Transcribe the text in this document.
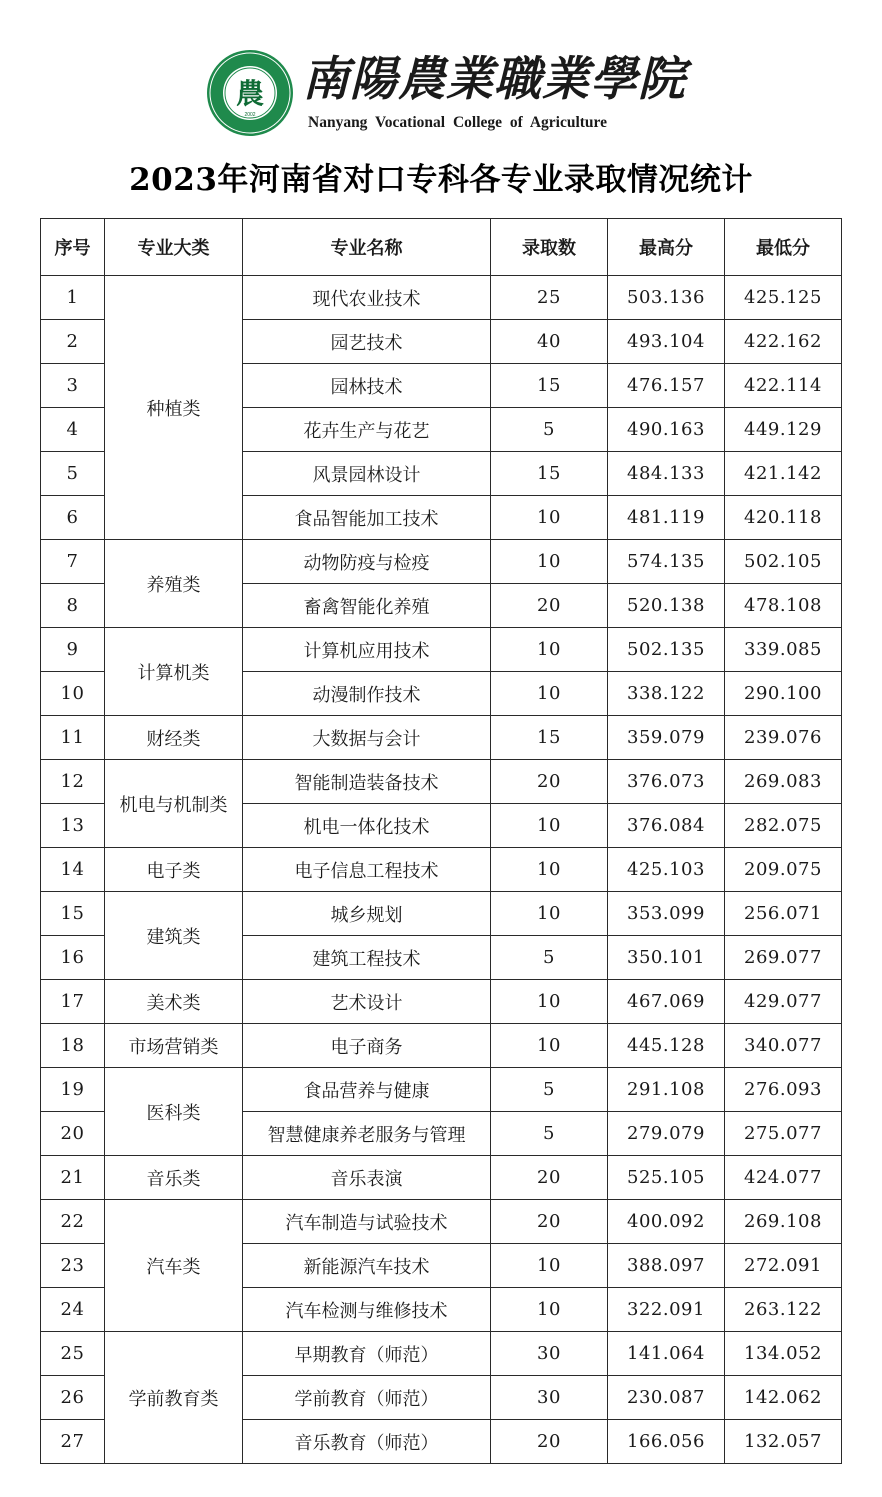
農
2002
南陽農業職業學院
Nanyang Vocational College of Agriculture
2023年河南省对口专科各专业录取情况统计
序号	专业大类	专业名称	录取数	最高分	最低分
1	种植类	现代农业技术	25	503.136	425.125
2		园艺技术	40	493.104	422.162
3		园林技术	15	476.157	422.114
4		花卉生产与花艺	5	490.163	449.129
5		风景园林设计	15	484.133	421.142
6		食品智能加工技术	10	481.119	420.118
7	养殖类	动物防疫与检疫	10	574.135	502.105
8		畜禽智能化养殖	20	520.138	478.108
9	计算机类	计算机应用技术	10	502.135	339.085
10		动漫制作技术	10	338.122	290.100
11	财经类	大数据与会计	15	359.079	239.076
12	机电与机制类	智能制造装备技术	20	376.073	269.083
13		机电一体化技术	10	376.084	282.075
14	电子类	电子信息工程技术	10	425.103	209.075
15	建筑类	城乡规划	10	353.099	256.071
16		建筑工程技术	5	350.101	269.077
17	美术类	艺术设计	10	467.069	429.077
18	市场营销类	电子商务	10	445.128	340.077
19	医科类	食品营养与健康	5	291.108	276.093
20		智慧健康养老服务与管理	5	279.079	275.077
21	音乐类	音乐表演	20	525.105	424.077
22	汽车类	汽车制造与试验技术	20	400.092	269.108
23		新能源汽车技术	10	388.097	272.091
24		汽车检测与维修技术	10	322.091	263.122
25	学前教育类	早期教育（师范）	30	141.064	134.052
26		学前教育（师范）	30	230.087	142.062
27		音乐教育（师范）	20	166.056	132.057
